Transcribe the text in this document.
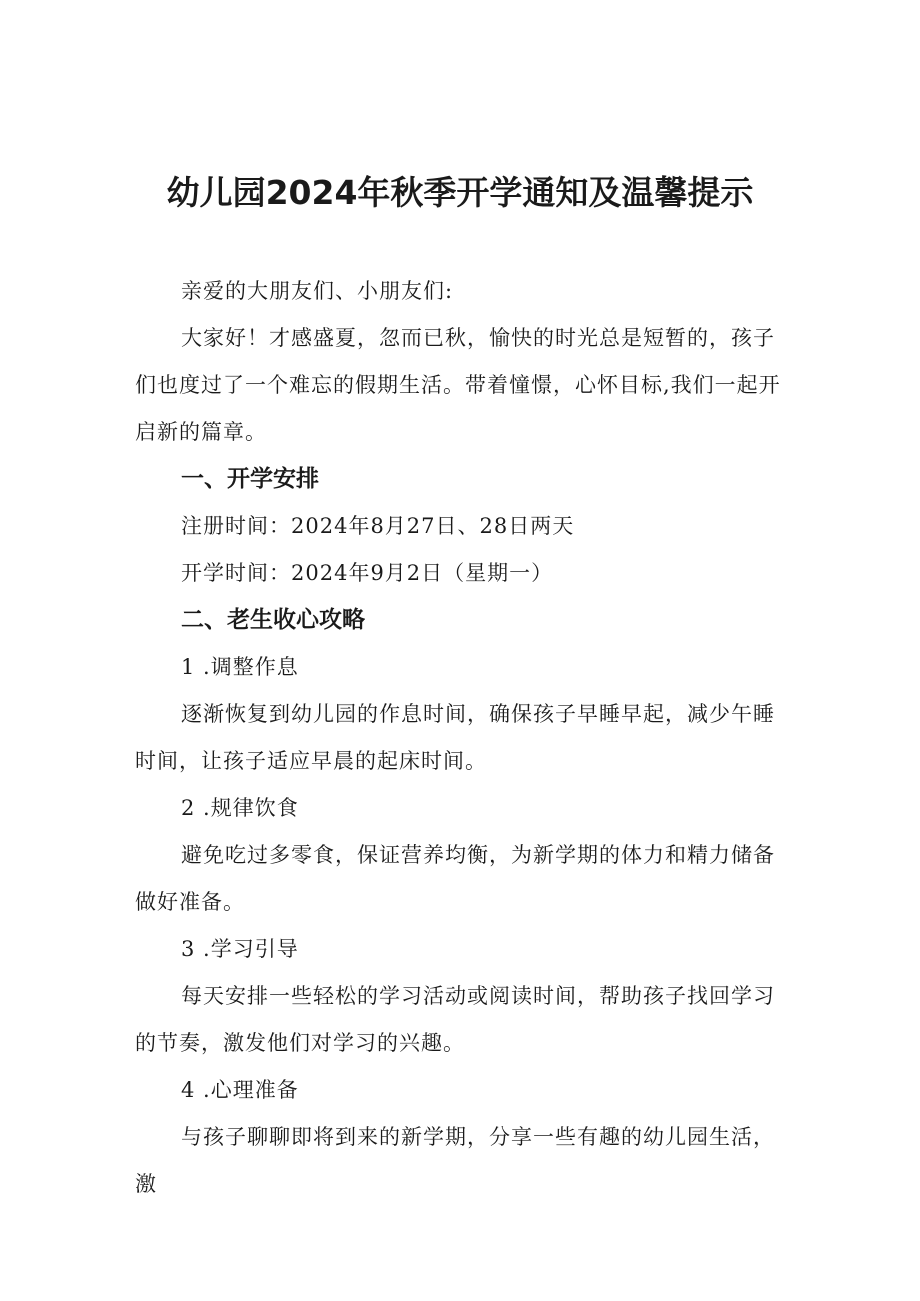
幼儿园2024年秋季开学通知及温馨提示

亲爱的大朋友们、小朋友们:

大家好！才感盛夏，忽而已秋，愉快的时光总是短暂的，孩子们也度过了一个难忘的假期生活。带着憧憬，心怀目标,我们一起开启新的篇章。

一、开学安排

注册时间：2024年8月27日、28日两天

开学时间：2024年9月2日（星期一）

二、老生收心攻略

1 .调整作息

逐渐恢复到幼儿园的作息时间，确保孩子早睡早起，减少午睡时间，让孩子适应早晨的起床时间。

2 .规律饮食

避免吃过多零食，保证营养均衡，为新学期的体力和精力储备做好准备。

3 .学习引导

每天安排一些轻松的学习活动或阅读时间，帮助孩子找回学习的节奏，激发他们对学习的兴趣。

4 .心理准备

与孩子聊聊即将到来的新学期，分享一些有趣的幼儿园生活，激
